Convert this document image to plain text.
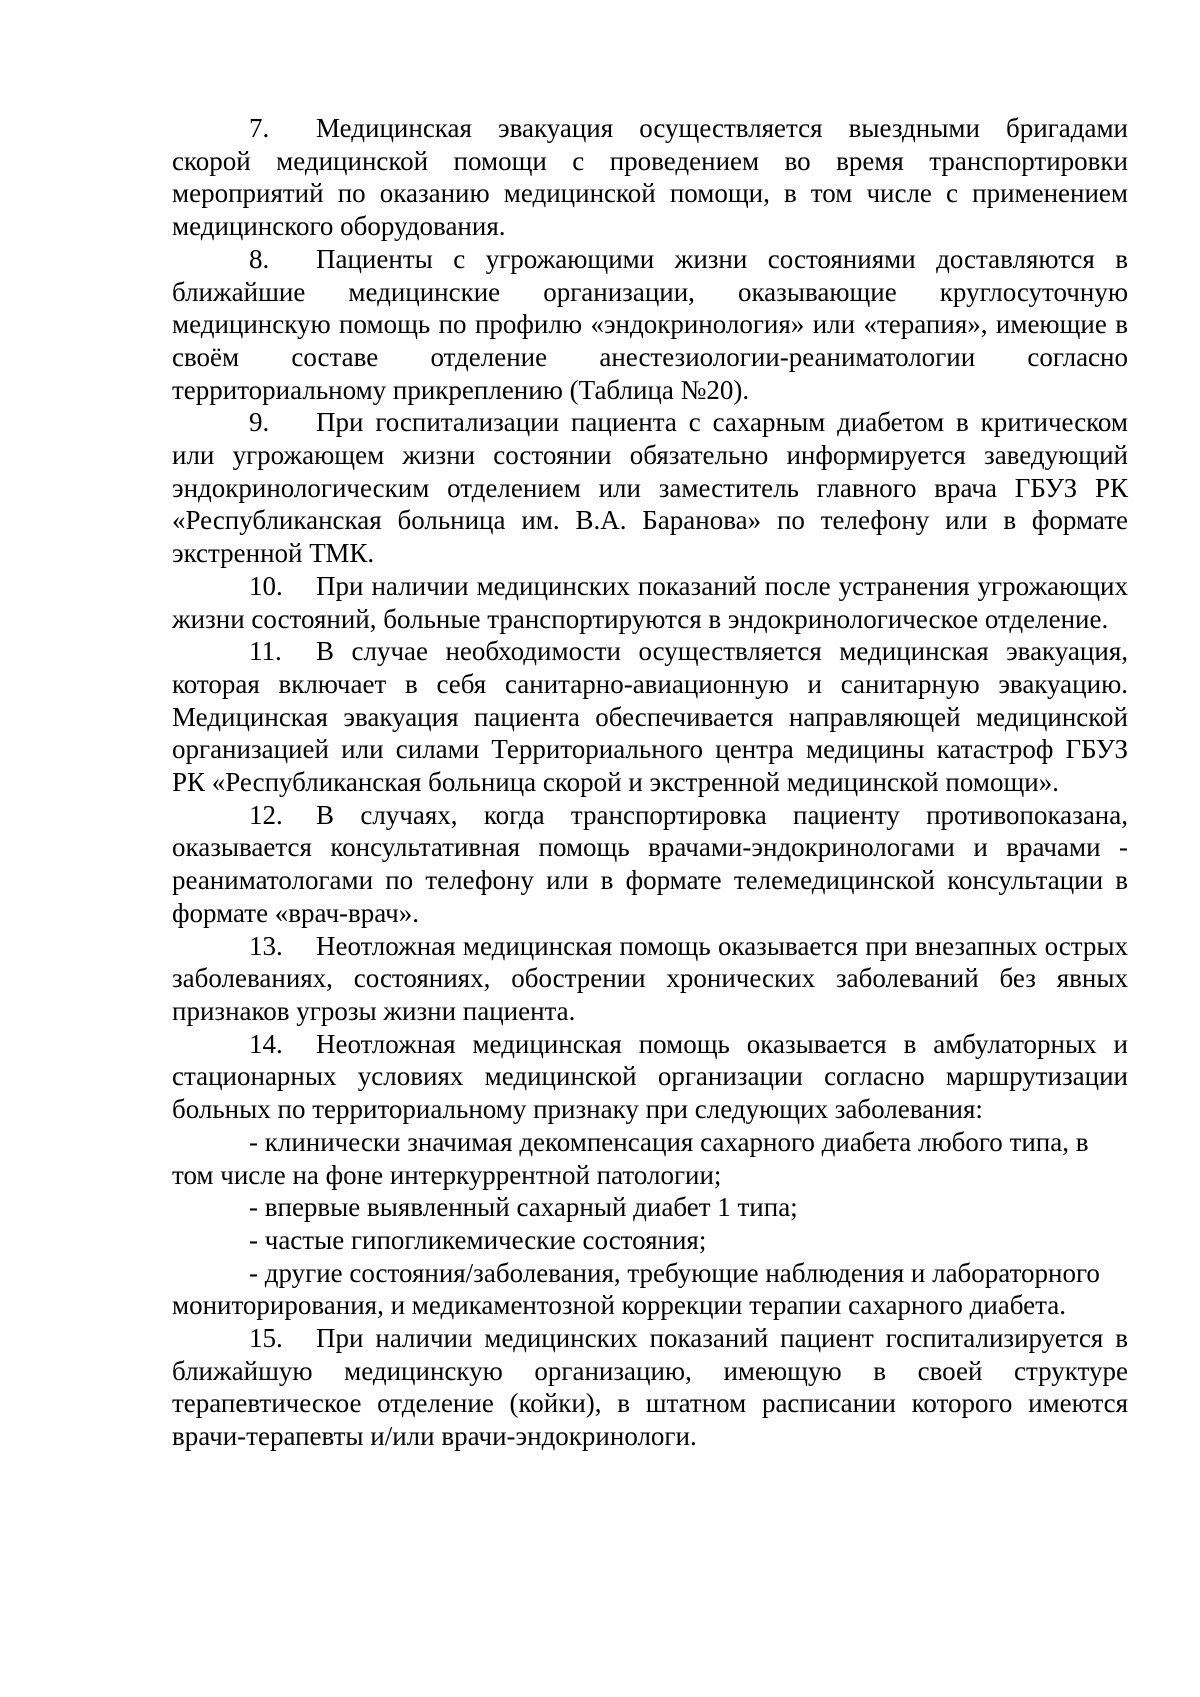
7. Медицинская эвакуация осуществляется выездными бригадами скорой медицинской помощи с проведением во время транспортировки мероприятий по оказанию медицинской помощи, в том числе с применением медицинского оборудования.

8. Пациенты с угрожающими жизни состояниями доставляются в ближайшие медицинские организации, оказывающие круглосуточную медицинскую помощь по профилю «эндокринология» или «терапия», имеющие в своём составе отделение анестезиологии-реаниматологии согласно территориальному прикреплению (Таблица №20).

9. При госпитализации пациента с сахарным диабетом в критическом или угрожающем жизни состоянии обязательно информируется заведующий эндокринологическим отделением или заместитель главного врача ГБУЗ РК «Республиканская больница им. В.А. Баранова» по телефону или в формате экстренной ТМК.

10. При наличии медицинских показаний после устранения угрожающих жизни состояний, больные транспортируются в эндокринологическое отделение.

11. В случае необходимости осуществляется медицинская эвакуация, которая включает в себя санитарно-авиационную и санитарную эвакуацию. Медицинская эвакуация пациента обеспечивается направляющей медицинской организацией или силами Территориального центра медицины катастроф ГБУЗ РК «Республиканская больница скорой и экстренной медицинской помощи».

12. В случаях, когда транспортировка пациенту противопоказана, оказывается консультативная помощь врачами-эндокринологами и врачами - реаниматологами по телефону или в формате телемедицинской консультации в формате «врач-врач».

13. Неотложная медицинская помощь оказывается при внезапных острых заболеваниях, состояниях, обострении хронических заболеваний без явных признаков угрозы жизни пациента.

14. Неотложная медицинская помощь оказывается в амбулаторных и стационарных условиях медицинской организации согласно маршрутизации больных по территориальному признаку при следующих заболевания:

- клинически значимая декомпенсация сахарного диабета любого типа, в том числе на фоне интеркуррентной патологии;

- впервые выявленный сахарный диабет 1 типа;

- частые гипогликемические состояния;

- другие состояния/заболевания, требующие наблюдения и лабораторного мониторирования, и медикаментозной коррекции терапии сахарного диабета.

15. При наличии медицинских показаний пациент госпитализируется в ближайшую медицинскую организацию, имеющую в своей структуре терапевтическое отделение (койки), в штатном расписании которого имеются врачи-терапевты и/или врачи-эндокринологи.
